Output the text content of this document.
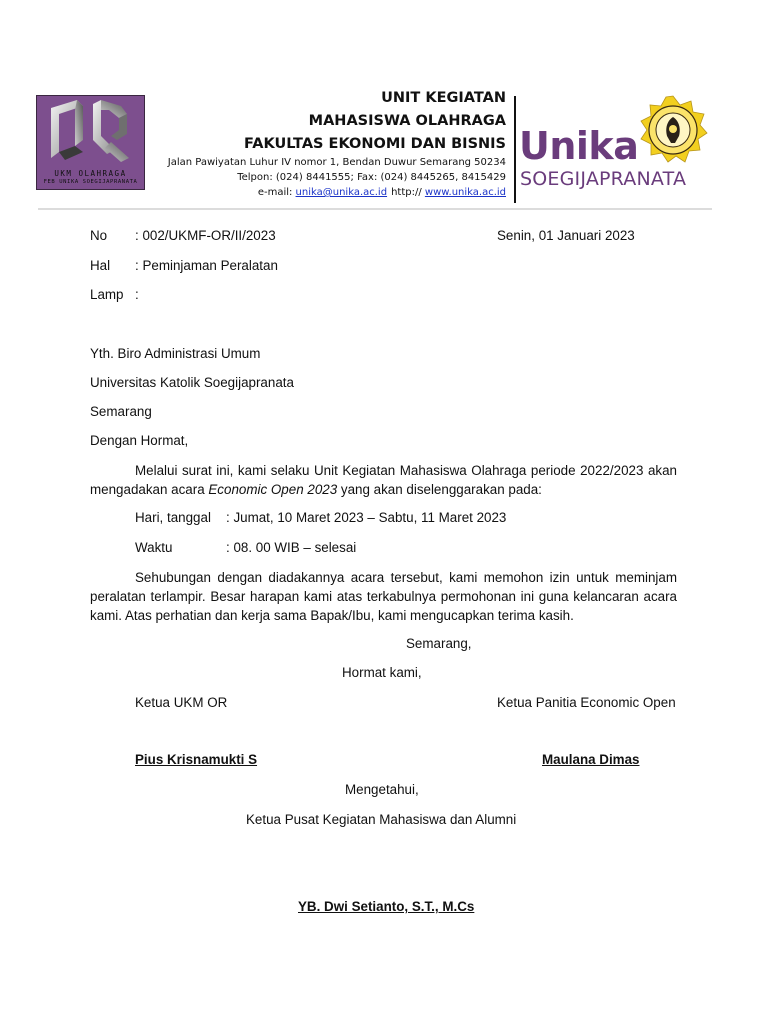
UKM OLAHRAGA
FEB UNIKA SOEGIJAPRANATA
UNIT KEGIATAN
MAHASISWA OLAHRAGA
FAKULTAS EKONOMI DAN BISNIS
Jalan Pawiyatan Luhur IV nomor 1, Bendan Duwur Semarang 50234
Telpon: (024) 8441555; Fax: (024) 8445265, 8415429
e-mail: unika@unika.ac.id http:// www.unika.ac.id
Unika
SOEGIJAPRANATA
No : 002/UKMF-OR/II/2023	Senin, 01 Januari 2023
Hal : Peminjaman Peralatan
Lamp :
Yth. Biro Administrasi Umum
Universitas Katolik Soegijapranata
Semarang
Dengan Hormat,
Melalui surat ini, kami selaku Unit Kegiatan Mahasiswa Olahraga periode 2022/2023 akan mengadakan acara Economic Open 2023 yang akan diselenggarakan pada:
Hari, tanggal : Jumat, 10 Maret 2023 – Sabtu, 11 Maret 2023
Waktu	: 08. 00 WIB – selesai
Sehubungan dengan diadakannya acara tersebut, kami memohon izin untuk meminjam peralatan terlampir. Besar harapan kami atas terkabulnya permohonan ini guna kelancaran acara kami. Atas perhatian dan kerja sama Bapak/Ibu, kami mengucapkan terima kasih.
Semarang,
Hormat kami,
Ketua UKM OR	Ketua Panitia Economic Open
Pius Krisnamukti S	Maulana Dimas
Mengetahui,
Ketua Pusat Kegiatan Mahasiswa dan Alumni
YB. Dwi Setianto, S.T., M.Cs
